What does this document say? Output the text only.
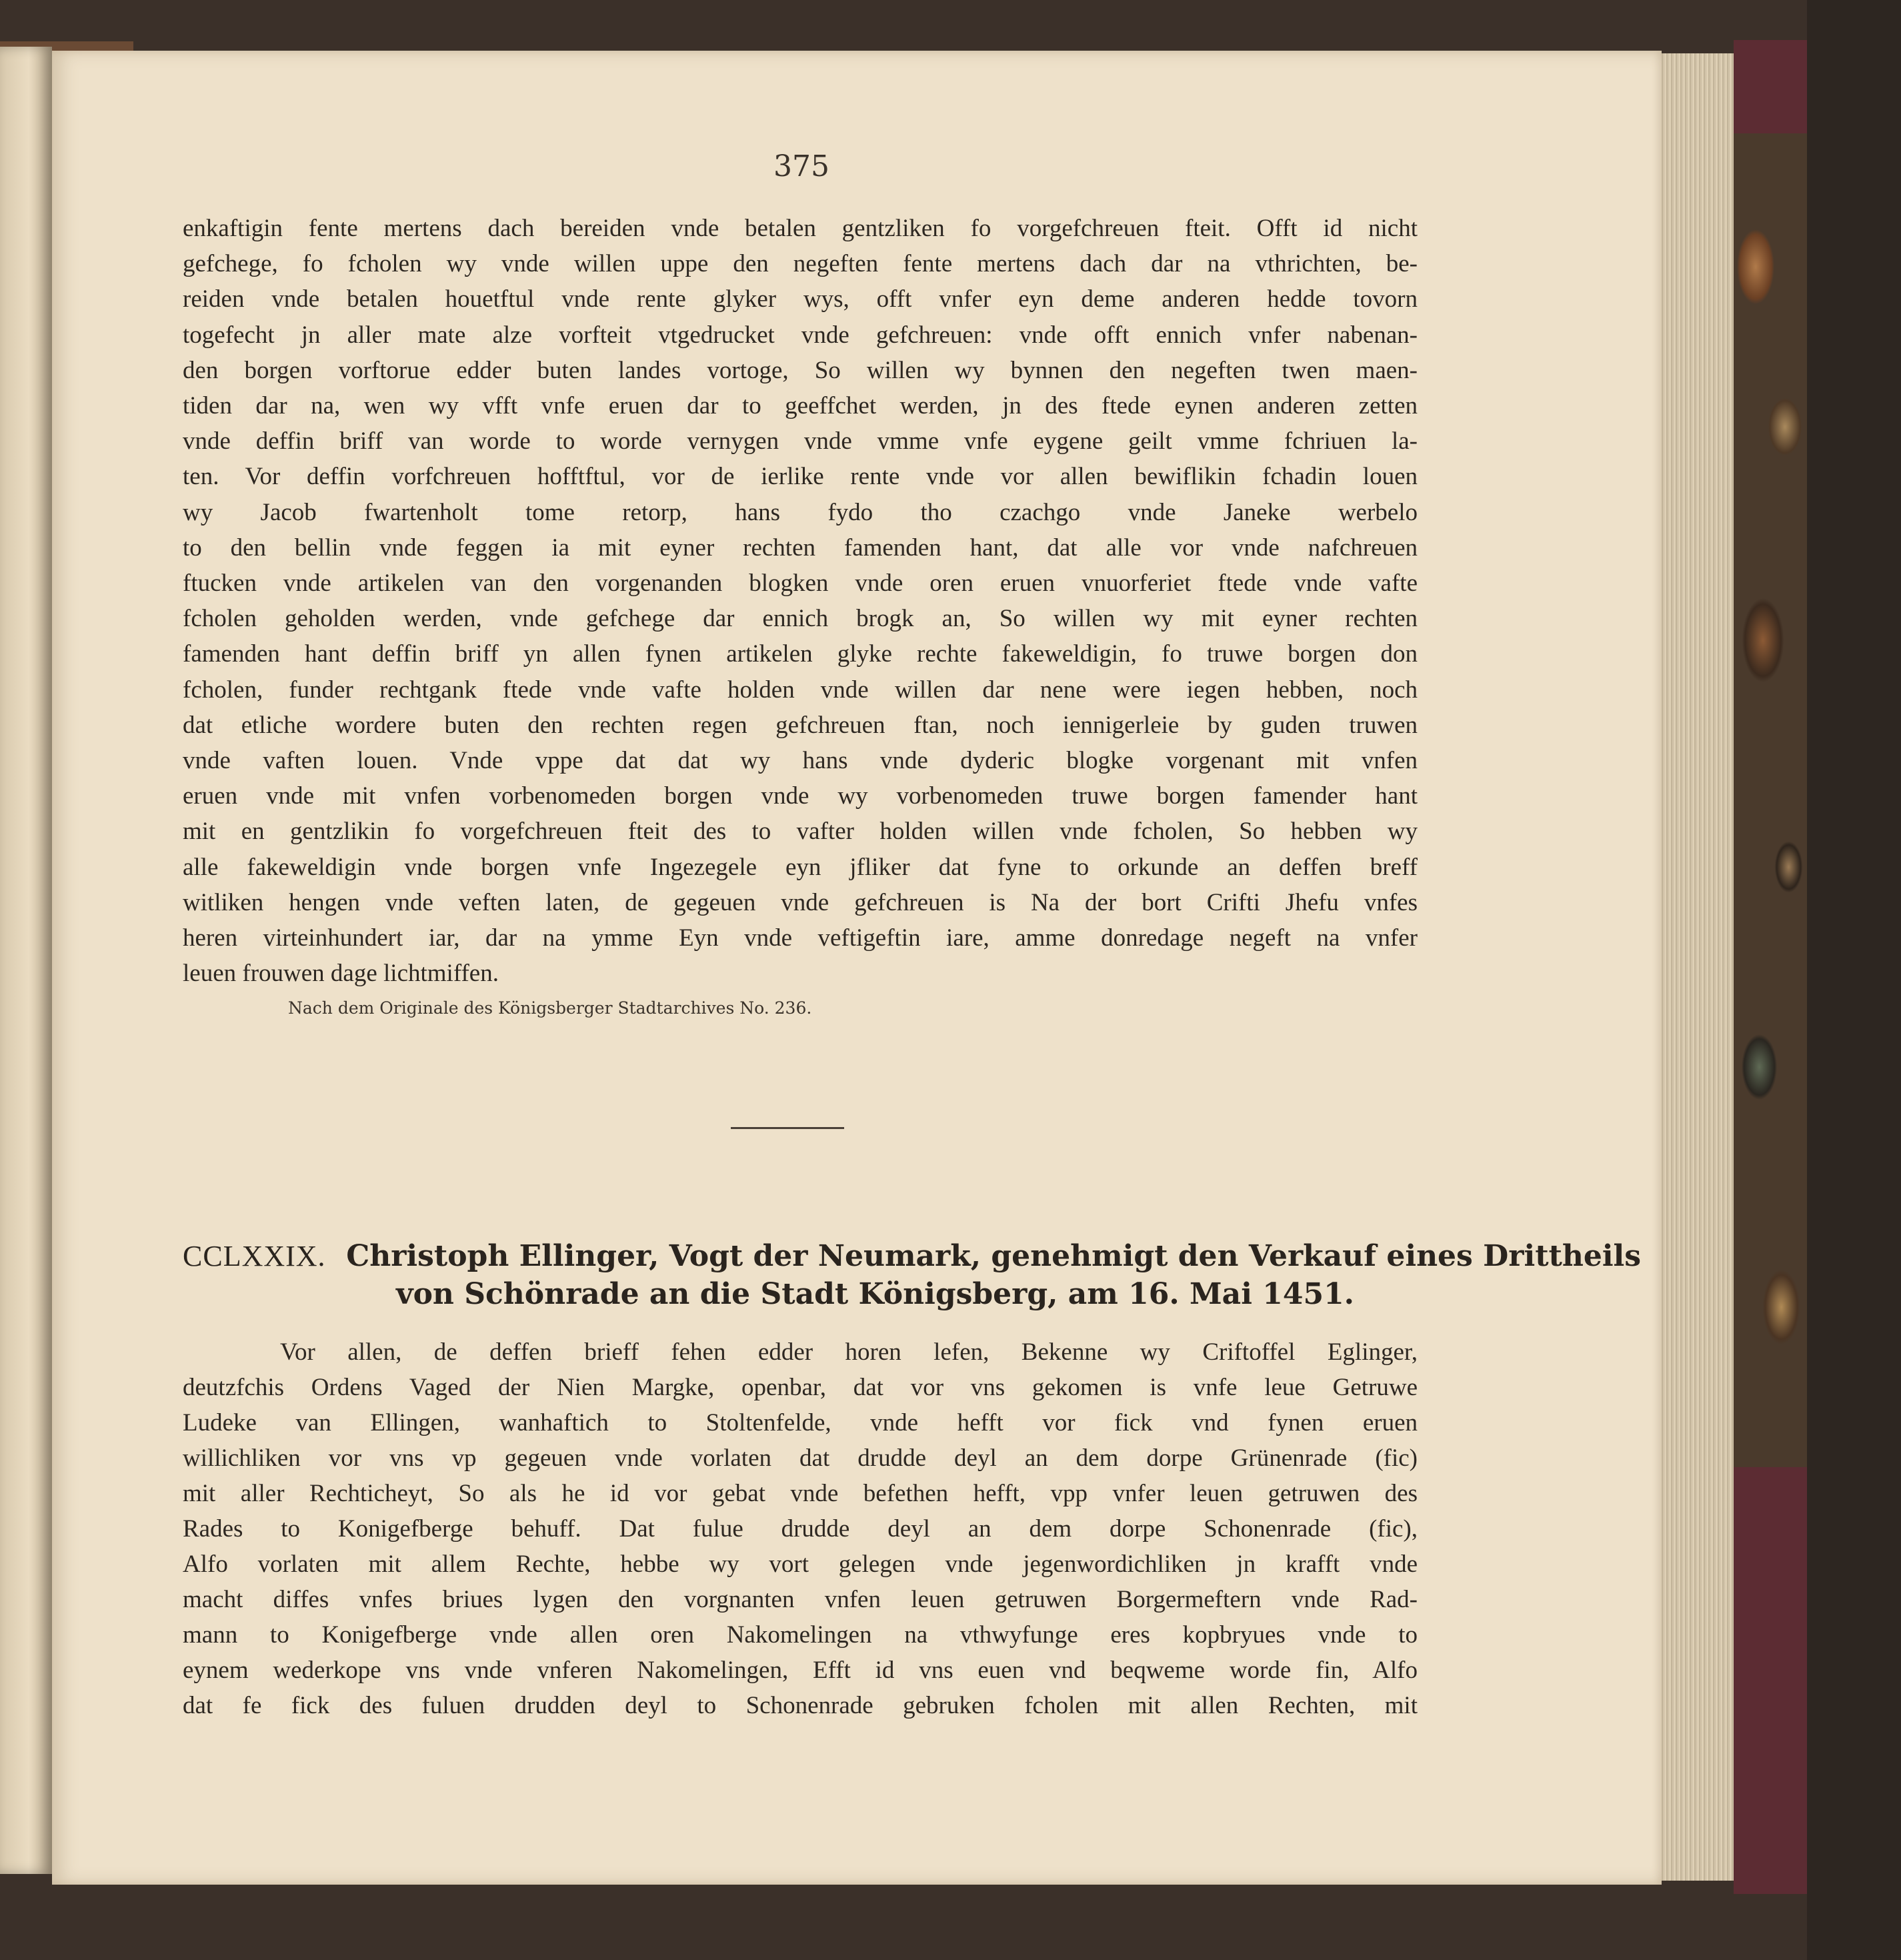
375
enkaftigin fente mertens dach bereiden vnde betalen gentzliken fo vorgefchreuen fteit. Offt id nicht
gefchege, fo fcholen wy vnde willen uppe den negeften fente mertens dach dar na vthrichten, be-
reiden vnde betalen houetftul vnde rente glyker wys, offt vnfer eyn deme anderen hedde tovorn
togefecht jn aller mate alze vorfteit vtgedrucket vnde gefchreuen: vnde offt ennich vnfer nabenan-
den borgen vorftorue edder buten landes vortoge, So willen wy bynnen den negeften twen maen-
tiden dar na, wen wy vfft vnfe eruen dar to geeffchet werden, jn des ftede eynen anderen zetten
vnde deffin briff van worde to worde vernygen vnde vmme vnfe eygene geilt vmme fchriuen la-
ten. Vor deffin vorfchreuen hofftftul, vor de ierlike rente vnde vor allen bewiflikin fchadin louen
wy Jacob fwartenholt tome retorp, hans fydo tho czachgo vnde Janeke werbelo
to den bellin vnde feggen ia mit eyner rechten famenden hant, dat alle vor vnde nafchreuen
ftucken vnde artikelen van den vorgenanden blogken vnde oren eruen vnuorferiet ftede vnde vafte
fcholen geholden werden, vnde gefchege dar ennich brogk an, So willen wy mit eyner rechten
famenden hant deffin briff yn allen fynen artikelen glyke rechte fakeweldigin, fo truwe borgen don
fcholen, funder rechtgank ftede vnde vafte holden vnde willen dar nene were iegen hebben, noch
dat etliche wordere buten den rechten regen gefchreuen ftan, noch iennigerleie by guden truwen
vnde vaften louen. Vnde vppe dat dat wy hans vnde dyderic blogke vorgenant mit vnfen
eruen vnde mit vnfen vorbenomeden borgen vnde wy vorbenomeden truwe borgen famender hant
mit en gentzlikin fo vorgefchreuen fteit des to vafter holden willen vnde fcholen, So hebben wy
alle fakeweldigin vnde borgen vnfe Ingezegele eyn jfliker dat fyne to orkunde an deffen breff
witliken hengen vnde veften laten, de gegeuen vnde gefchreuen is Na der bort Crifti Jhefu vnfes
heren virteinhundert iar, dar na ymme Eyn vnde veftigeftin iare, amme donredage negeft na vnfer
leuen frouwen dage lichtmiffen.
Nach dem Originale des Königsberger Stadtarchives No. 236.
CCLXXIX. Christoph Ellinger, Vogt der Neumark, genehmigt den Verkauf eines Drittheils
von Schönrade an die Stadt Königsberg, am 16. Mai 1451.
Vor allen, de deffen brieff fehen edder horen lefen, Bekenne wy Criftoffel Eglinger,
deutzfchis Ordens Vaged der Nien Margke, openbar, dat vor vns gekomen is vnfe leue Getruwe
Ludeke van Ellingen, wanhaftich to Stoltenfelde, vnde hefft vor fick vnd fynen eruen
willichliken vor vns vp gegeuen vnde vorlaten dat drudde deyl an dem dorpe Grünenrade (fic)
mit aller Rechticheyt, So als he id vor gebat vnde befethen hefft, vpp vnfer leuen getruwen des
Rades to Konigefberge behuff. Dat fulue drudde deyl an dem dorpe Schonenrade (fic),
Alfo vorlaten mit allem Rechte, hebbe wy vort gelegen vnde jegenwordichliken jn krafft vnde
macht diffes vnfes briues lygen den vorgnanten vnfen leuen getruwen Borgermeftern vnde Rad-
mann to Konigefberge vnde allen oren Nakomelingen na vthwyfunge eres kopbryues vnde to
eynem wederkope vns vnde vnferen Nakomelingen, Efft id vns euen vnd beqweme worde fin, Alfo
dat fe fick des fuluen drudden deyl to Schonenrade gebruken fcholen mit allen Rechten, mit
